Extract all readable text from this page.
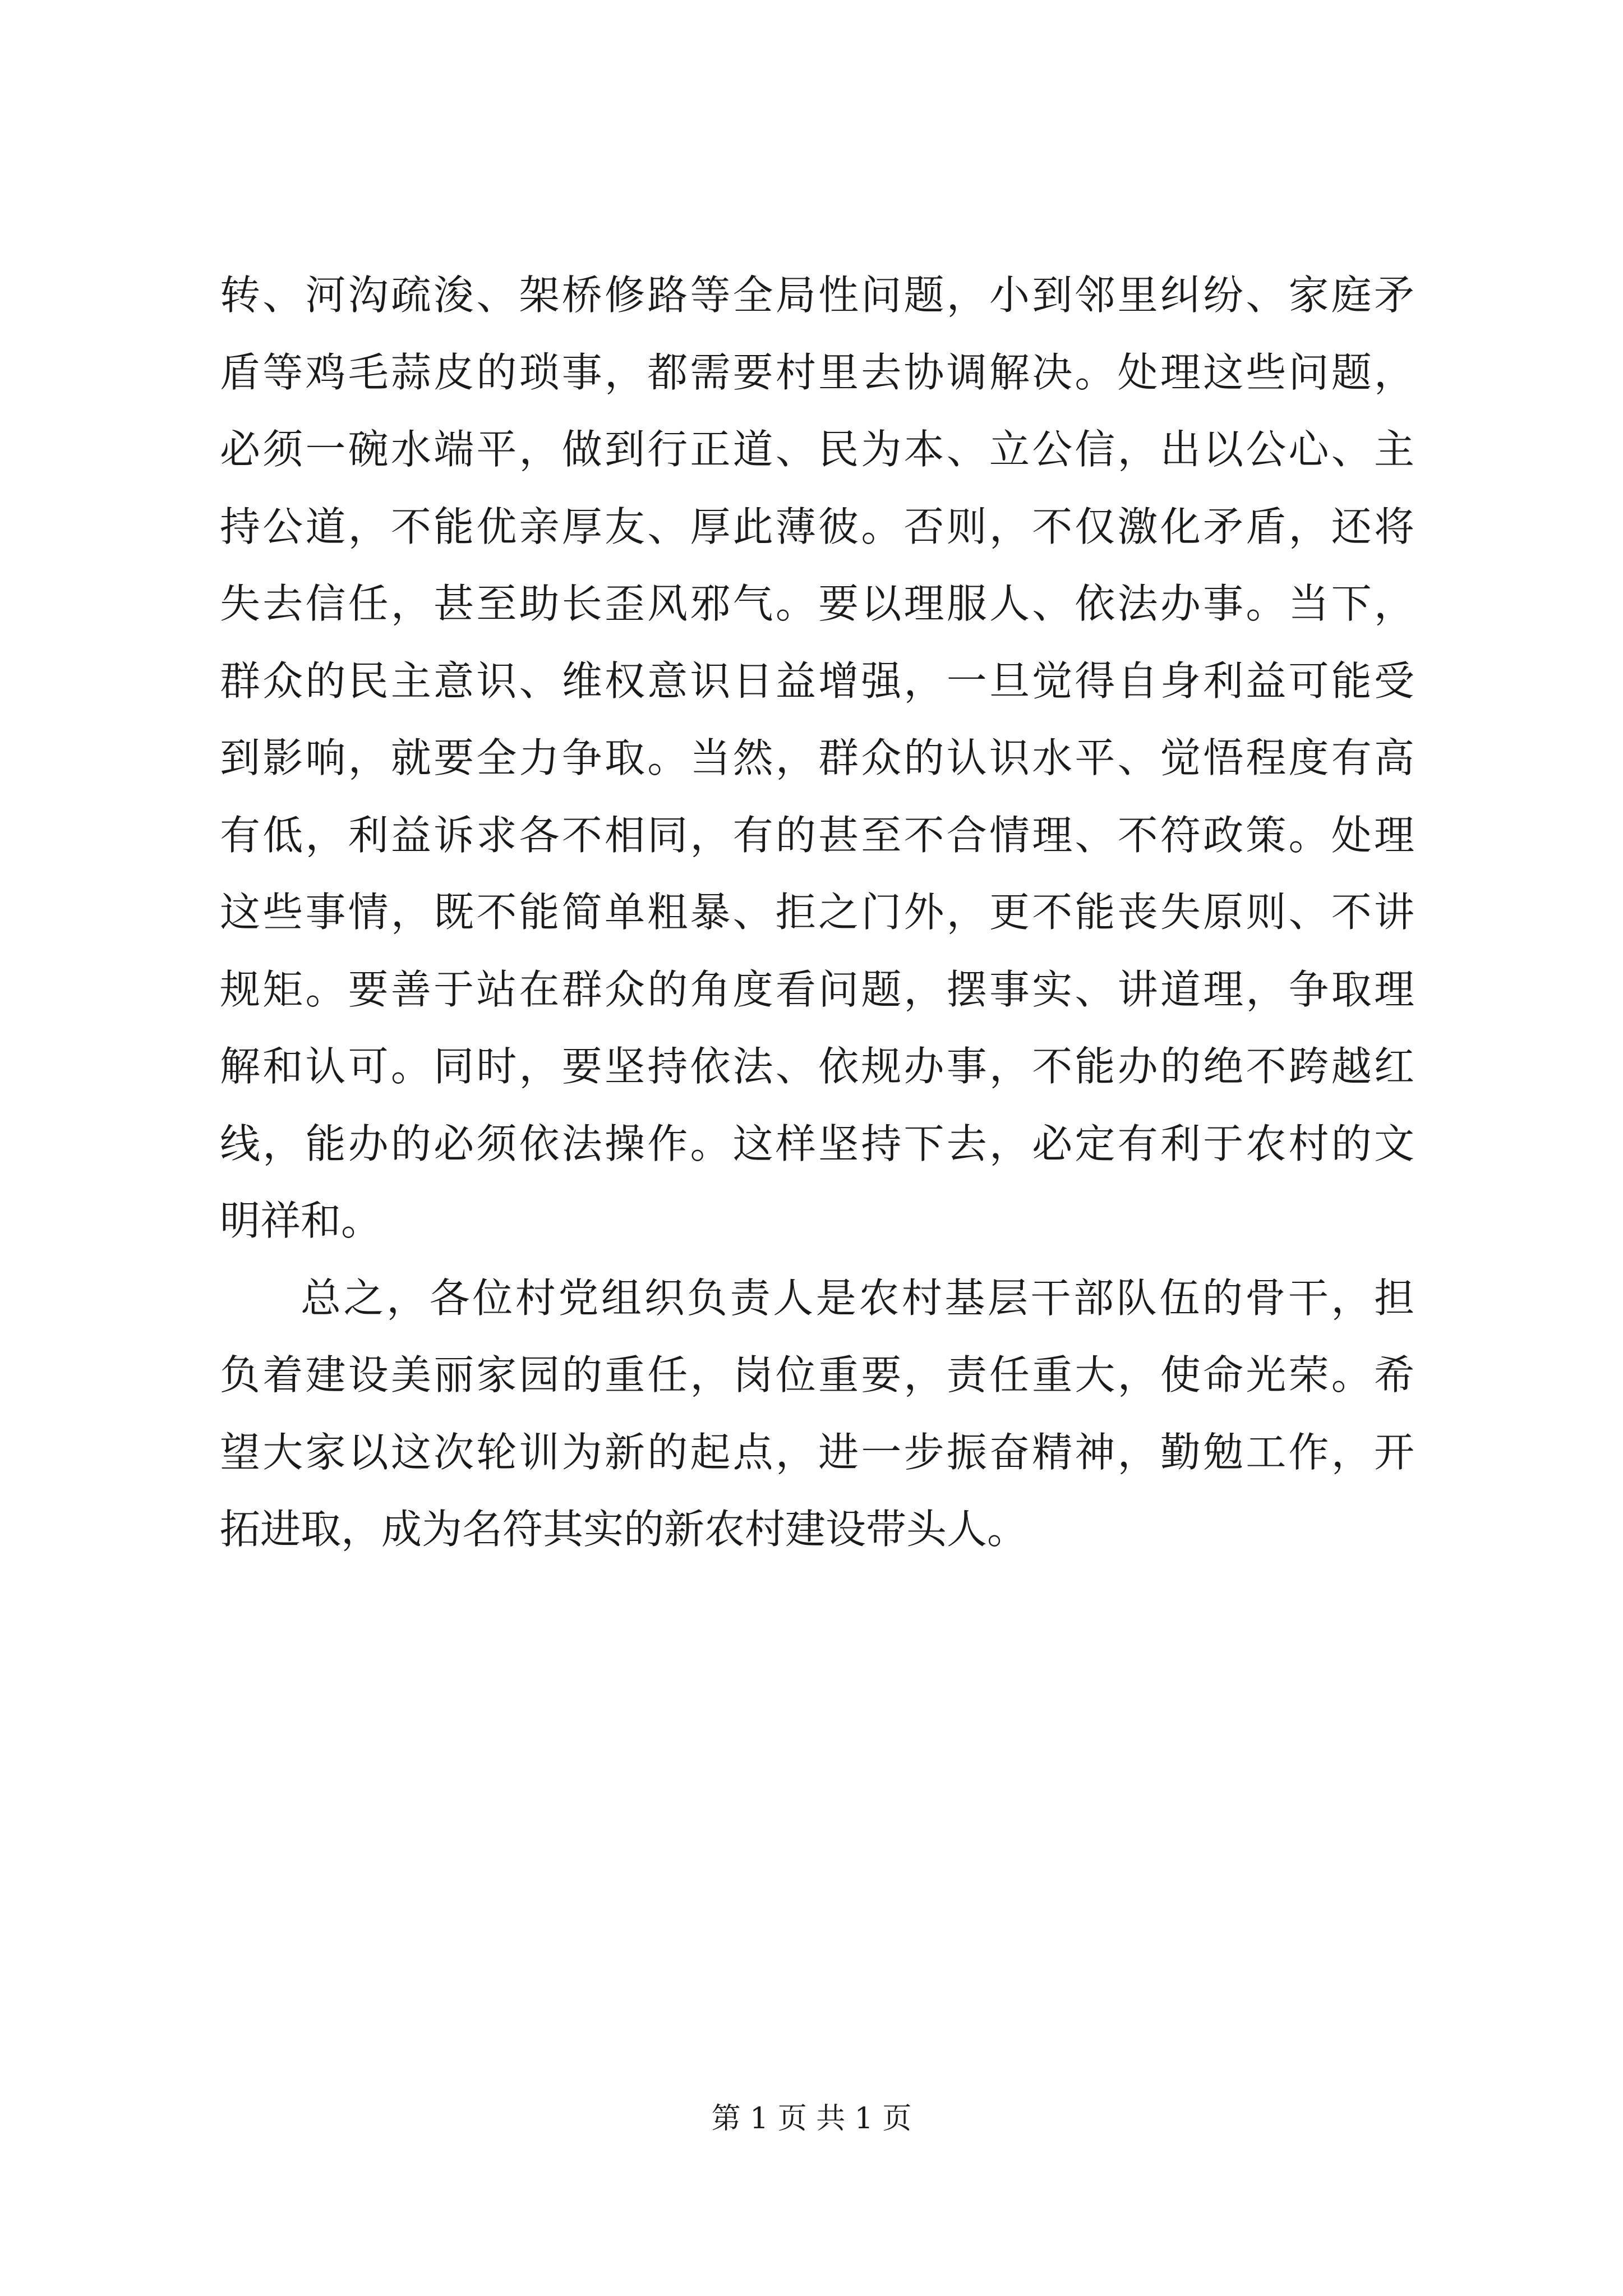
转、河沟疏浚、架桥修路等全局性问题，小到邻里纠纷、家庭矛
盾等鸡毛蒜皮的琐事，都需要村里去协调解决。处理这些问题，
必须一碗水端平，做到行正道、民为本、立公信，出以公心、主
持公道，不能优亲厚友、厚此薄彼。否则，不仅激化矛盾，还将
失去信任，甚至助长歪风邪气。要以理服人、依法办事。当下，
群众的民主意识、维权意识日益增强，一旦觉得自身利益可能受
到影响，就要全力争取。当然，群众的认识水平、觉悟程度有高
有低，利益诉求各不相同，有的甚至不合情理、不符政策。处理
这些事情，既不能简单粗暴、拒之门外，更不能丧失原则、不讲
规矩。要善于站在群众的角度看问题，摆事实、讲道理，争取理
解和认可。同时，要坚持依法、依规办事，不能办的绝不跨越红
线，能办的必须依法操作。这样坚持下去，必定有利于农村的文
明祥和。
总之，各位村党组织负责人是农村基层干部队伍的骨干，担
负着建设美丽家园的重任，岗位重要，责任重大，使命光荣。希
望大家以这次轮训为新的起点，进一步振奋精神，勤勉工作，开
拓进取，成为名符其实的新农村建设带头人。
第 1 页 共 1 页
